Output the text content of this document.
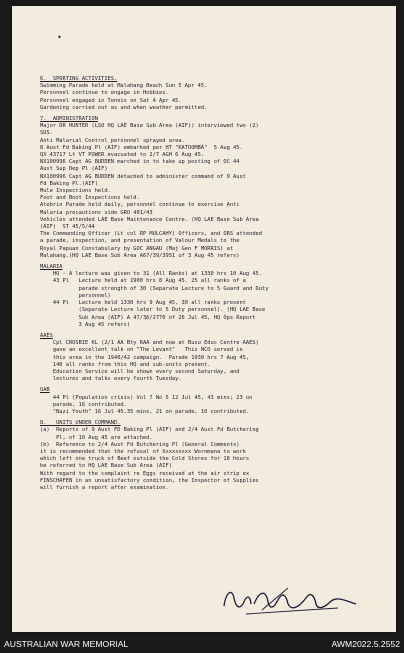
•
6.  SPORTING ACTIVITIES.
Swimming Parade held at Malahang Beach Sun 5 Apr 45.
Personnel continue to engage in Hobbies.
Personnel engaged in Tennis on Sat 4 Apr 45.
Gardening carried out as and when weather permitted.
7.  ADMINISTRATION
Major DR HUNTER (LSO HQ LAE Base Sub Area (AIF)) interviewed two (2)
SUS.
Anti Malarial Control personnel sprayed area.
8 Aust Fd Baking Pl (AIF) embarked per HT "KATOOMBA"  5 Aug 45.
QX 43717 Lt VT POWER evacuated to 2/7 AGH 6 Aug 45.
NX100996 Capt AG BUDDEN marched in to take up posting of OC 44
Aust Sup Dep Pl (AIF)
NX100996 Capt AG BUDDEN detached to administer command of 9 Aust
Fd Baking Pl.(AIF)
Mule Inspections held.
Foot and Boot Inspections held.
Atebrin Parade held daily, personnel continue to exercise Anti
Malaria precautions vide GRO 401/43
Vehicles attended LAE Base Maintenance Centre. (HQ LAE Base Sub Area
(AIF)  ST 45/5/44
The Commanding Officer (Lt col RP MULCAHY) Officers, and ORS attended
a parade, inspection, and presentation of Valour Medals to the
Royal Papuan Constabulary by GOC ANGAU (Maj Gen F MORRIS) at
Malahang.(HQ LAE Base Sub Area A67/39/3951 of 3 Aug 45 refers)
MALARIA
HQ - A lecture was given to 31 (All Ranks) at 1330 hrs 10 Aug 45.
43 Pl   Lecture held at 1900 hrs 8 Aug 45. 25 all ranks of a
parade strength of 30 (Separate Lecture to 5 Guard and Duty
personnel)
44 Pl   Lecture held 1330 hrs 9 Aug 45, 30 all ranks present
(Separate Lecture later to 5 Duty personnel). (HQ LAE Base
Sub Area (AIF) A 47/36/2770 of 26 Jul 45, HQ Ops Report
3 Aug 45 refers)
AAES
Cpl CROSBIE KL (2/1 AA Bty RAA and now at Busu Educ Centre AAES)
gave an excellent talk on "The Levant"   This NCO served in
this area in the 1940/42 campaign.  Parade 1930 hrs 7 Aug 45,
140 all ranks from this HQ and sub-units present.
Education Service will be shown every second Saturday, and
lectures and talks every fourth Tuesday.
OAB
44 Pl (Population crisis) Vol 7 No 5 12 Jul 45, 43 mins; 23 on
parade, 16 contributed.
"Nazi Youth" 16 Jul 45,35 mins, 21 on parade, 10 contributed.
8.   UNITS UNDER COMMAND.
(a)  Reports of 9 Aust FD Baking Pl (AIF) and 2/4 Aust Fd Butchering
Pl, of 10 Aug 45 are attached.
(b)  Reference to 2/4 Aust Fd Butchering Pl (General Comments)
it is recommended that the refusal of Xxxxxxxxx Wornmana to work
which left one truck of Beef outside the Cold Stores for 18 hours
be referred to HQ LAE Base Sub Area (AIF)
With regard to the complaint re Eggs received at the air strip ex
FINSCHAFEN in an unsatisfactory condition, the Inspector of Supplies
will furnish a report after examination.
AUSTRALIAN WAR MEMORIAL	AWM2022.5.2552
